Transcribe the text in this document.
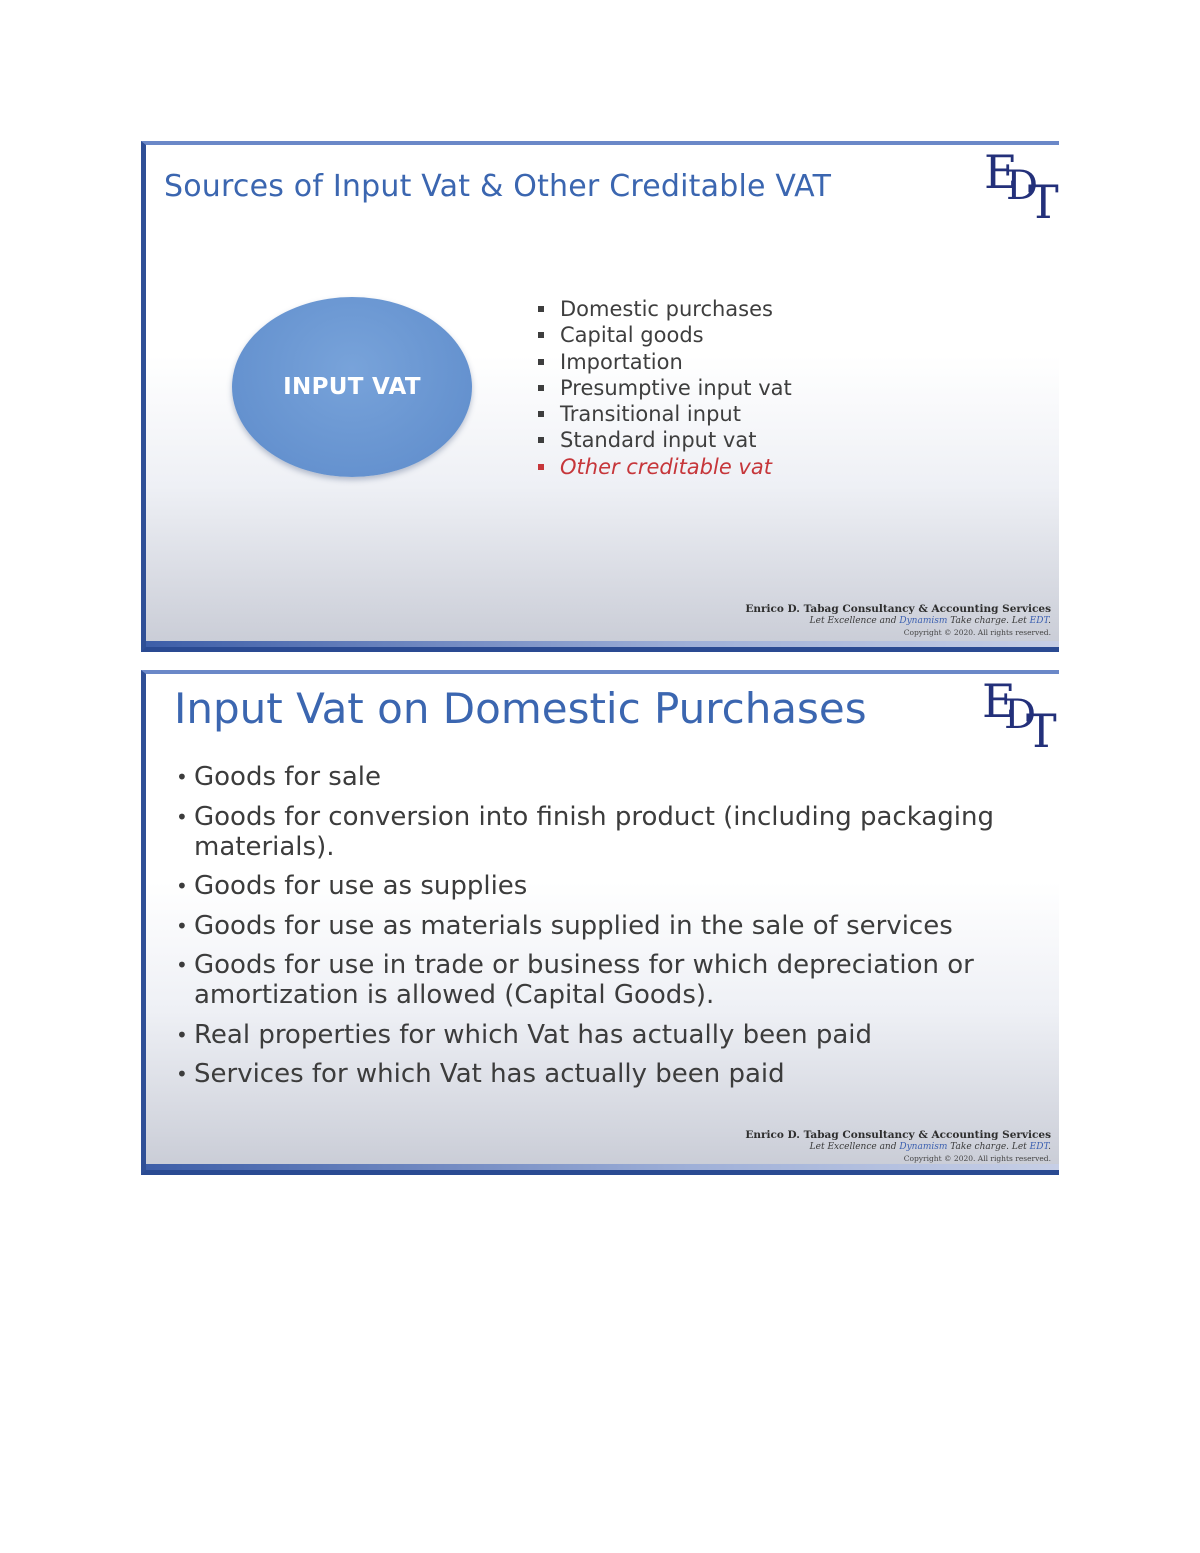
Sources of Input Vat & Other Creditable VAT	E
D
T
INPUT VAT
Domestic purchases
Capital goods
Importation
Presumptive input vat
Transitional input
Standard input vat
Other creditable vat
Enrico D. Tabag Consultancy & Accounting Services
Let Excellence and Dynamism Take charge. Let EDT.
Copyright © 2020. All rights reserved.
Input Vat on Domestic Purchases	E
D
T
• Goods for sale
• Goods for conversion into finish product (including packaging materials).
• Goods for use as supplies
• Goods for use as materials supplied in the sale of services
• Goods for use in trade or business for which depreciation or amortization is allowed (Capital Goods).
• Real properties for which Vat has actually been paid
• Services for which Vat has actually been paid
Enrico D. Tabag Consultancy & Accounting Services
Let Excellence and Dynamism Take charge. Let EDT.
Copyright © 2020. All rights reserved.
